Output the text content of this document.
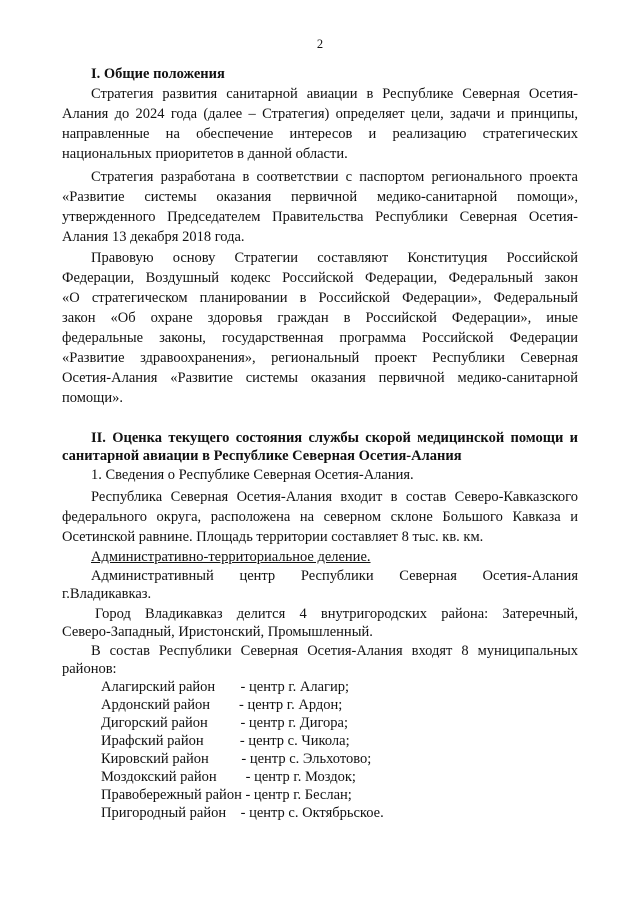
2
I. Общие положения
Стратегия развития санитарной авиации в Республике Северная Осетия-
Алания до 2024 года (далее – Стратегия) определяет цели, задачи и принципы,
направленные на обеспечение интересов и реализацию стратегических
национальных приоритетов в данной области.
Стратегия разработана в соответствии с паспортом регионального проекта
«Развитие системы оказания первичной медико-санитарной помощи»,
утвержденного Председателем Правительства Республики Северная Осетия-
Алания 13 декабря 2018 года.
Правовую основу Стратегии составляют Конституция Российской
Федерации, Воздушный кодекс Российской Федерации, Федеральный закон
«О стратегическом планировании в Российской Федерации», Федеральный
закон «Об охране здоровья граждан в Российской Федерации», иные
федеральные законы, государственная программа Российской Федерации
«Развитие здравоохранения», региональный проект Республики Северная
Осетия-Алания «Развитие системы оказания первичной медико-санитарной
помощи».
II. Оценка текущего состояния службы скорой медицинской помощи и
санитарной авиации в Республике Северная Осетия-Алания
1. Сведения о Республике Северная Осетия-Алания.
Республика Северная Осетия-Алания входит в состав Северо-Кавказского
федерального округа, расположена на северном склоне Большого Кавказа и
Осетинской равнине. Площадь территории составляет 8 тыс. кв. км.
Административно-территориальное деление.
Административный центр Республики Северная Осетия-Алания
г.Владикавказ.
Город Владикавказ делится 4 внутригородских района: Затеречный,
Северо-Западный, Иристонский, Промышленный.
В состав Республики Северная Осетия-Алания входят 8 муниципальных
районов:
Алагирский район       - центр г. Алагир;
Ардонский район        - центр г. Ардон;
Дигорский район         - центр г. Дигора;
Ирафский район          - центр с. Чикола;
Кировский район         - центр с. Эльхотово;
Моздокский район        - центр г. Моздок;
Правобережный район - центр г. Беслан;
Пригородный район    - центр с. Октябрьское.
